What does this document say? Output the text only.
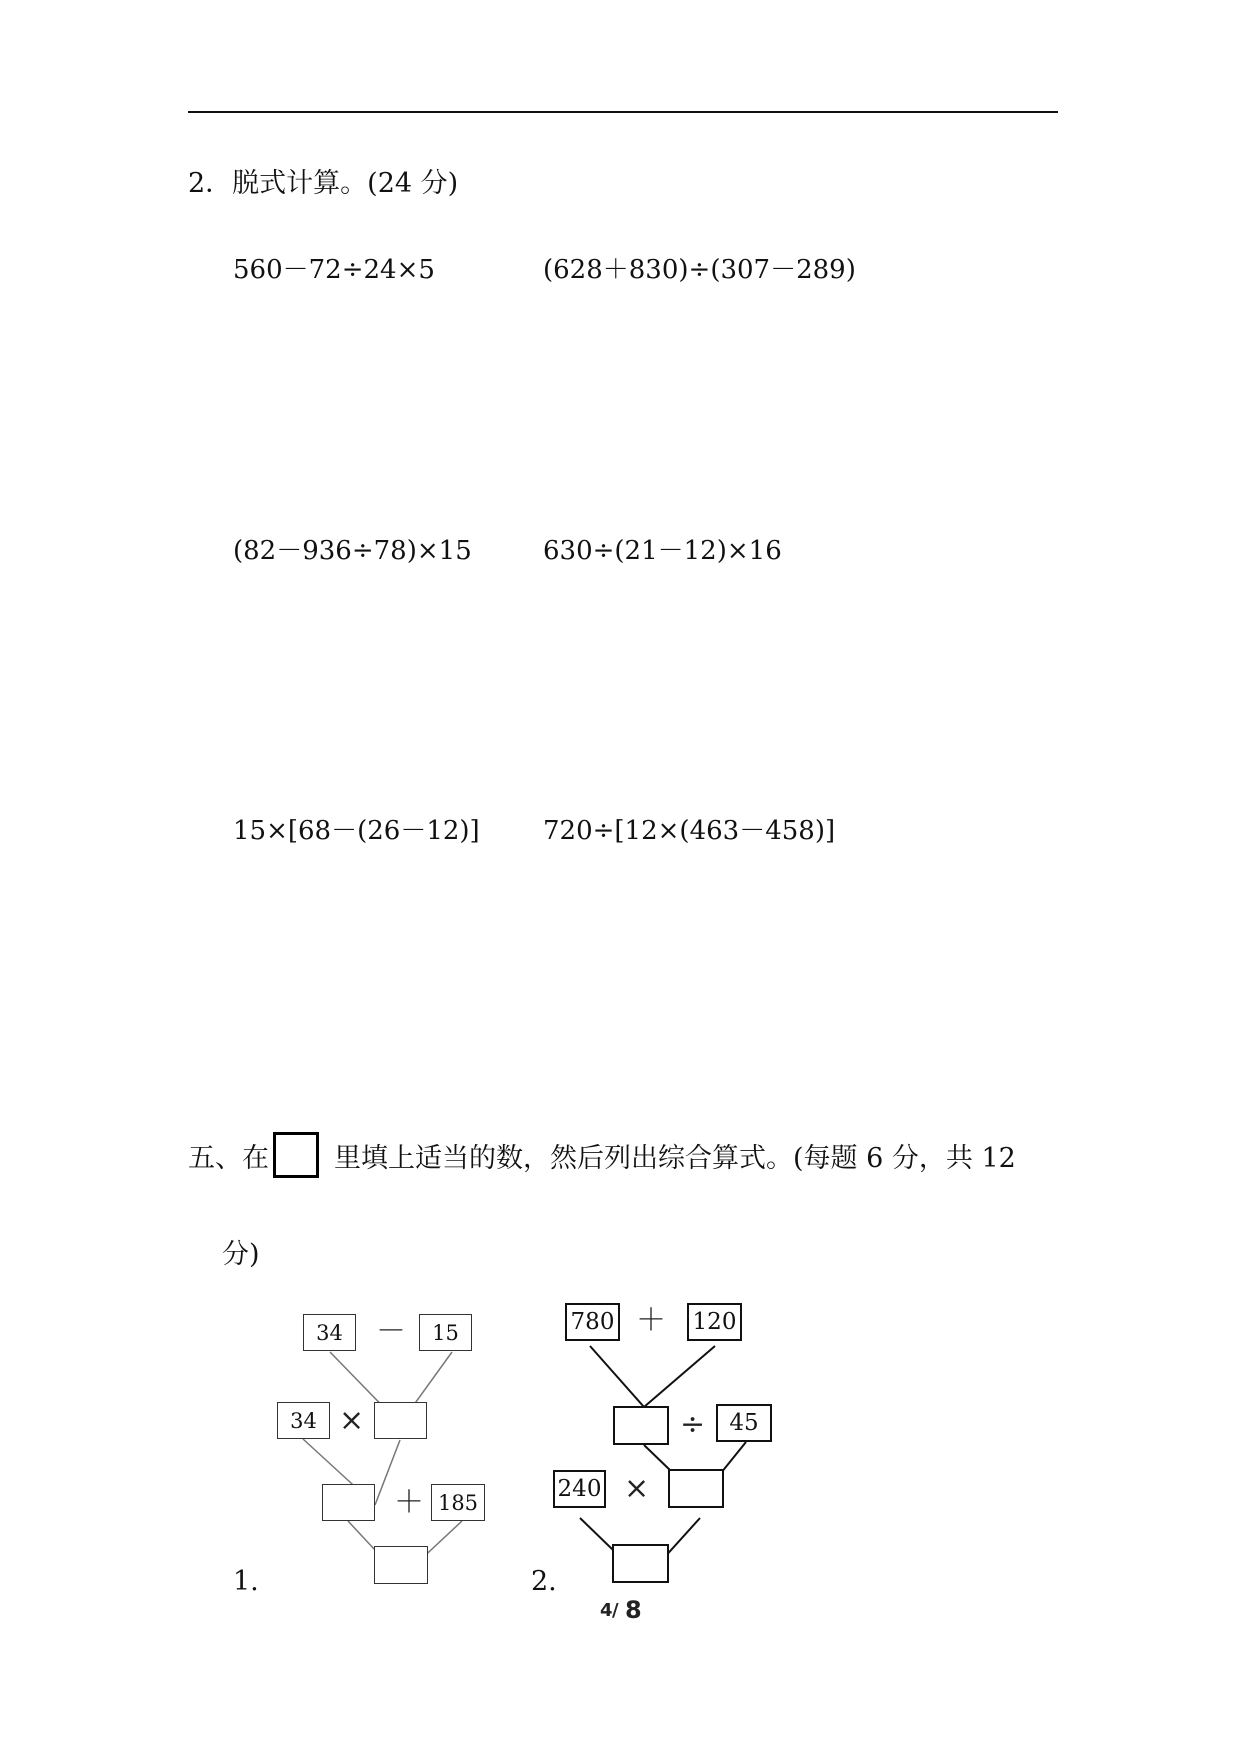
2．脱式计算。(24 分)
560－72÷24×5	(628＋830)÷(307－289)
(82－936÷78)×15	630÷(21－12)×16
15×[68－(26－12)] 720÷[12×(463－458)]
五、在 里填上适当的数，然后列出综合算式。(每题 6 分，共 12
分)
1.
34	－	15
34 ×
＋ 185
2.
780 ＋ 120
÷	45
240 ×
4 / 8
